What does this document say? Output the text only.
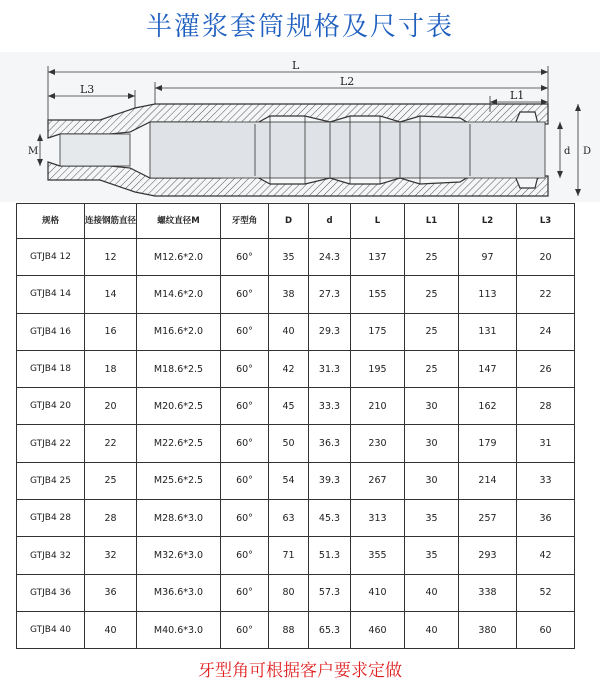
半灌浆套筒规格及尺寸表
L
L2
L3	L1
M	d D
规格	连接钢筋直径	螺纹直径M	牙型角	D	d	L	L1	L2	L3
GTJB4 12	12	M12.6*2.0	60°	35	24.3	137	25	97	20
GTJB4 14	14	M14.6*2.0	60°	38	27.3	155	25	113	22
GTJB4 16	16	M16.6*2.0	60°	40	29.3	175	25	131	24
GTJB4 18	18	M18.6*2.5	60°	42	31.3	195	25	147	26
GTJB4 20	20	M20.6*2.5	60°	45	33.3	210	30	162	28
GTJB4 22	22	M22.6*2.5	60°	50	36.3	230	30	179	31
GTJB4 25	25	M25.6*2.5	60°	54	39.3	267	30	214	33
GTJB4 28	28	M28.6*3.0	60°	63	45.3	313	35	257	36
GTJB4 32	32	M32.6*3.0	60°	71	51.3	355	35	293	42
GTJB4 36	36	M36.6*3.0	60°	80	57.3	410	40	338	52
GTJB4 40	40	M40.6*3.0	60°	88	65.3	460	40	380	60
牙型角可根据客户要求定做
